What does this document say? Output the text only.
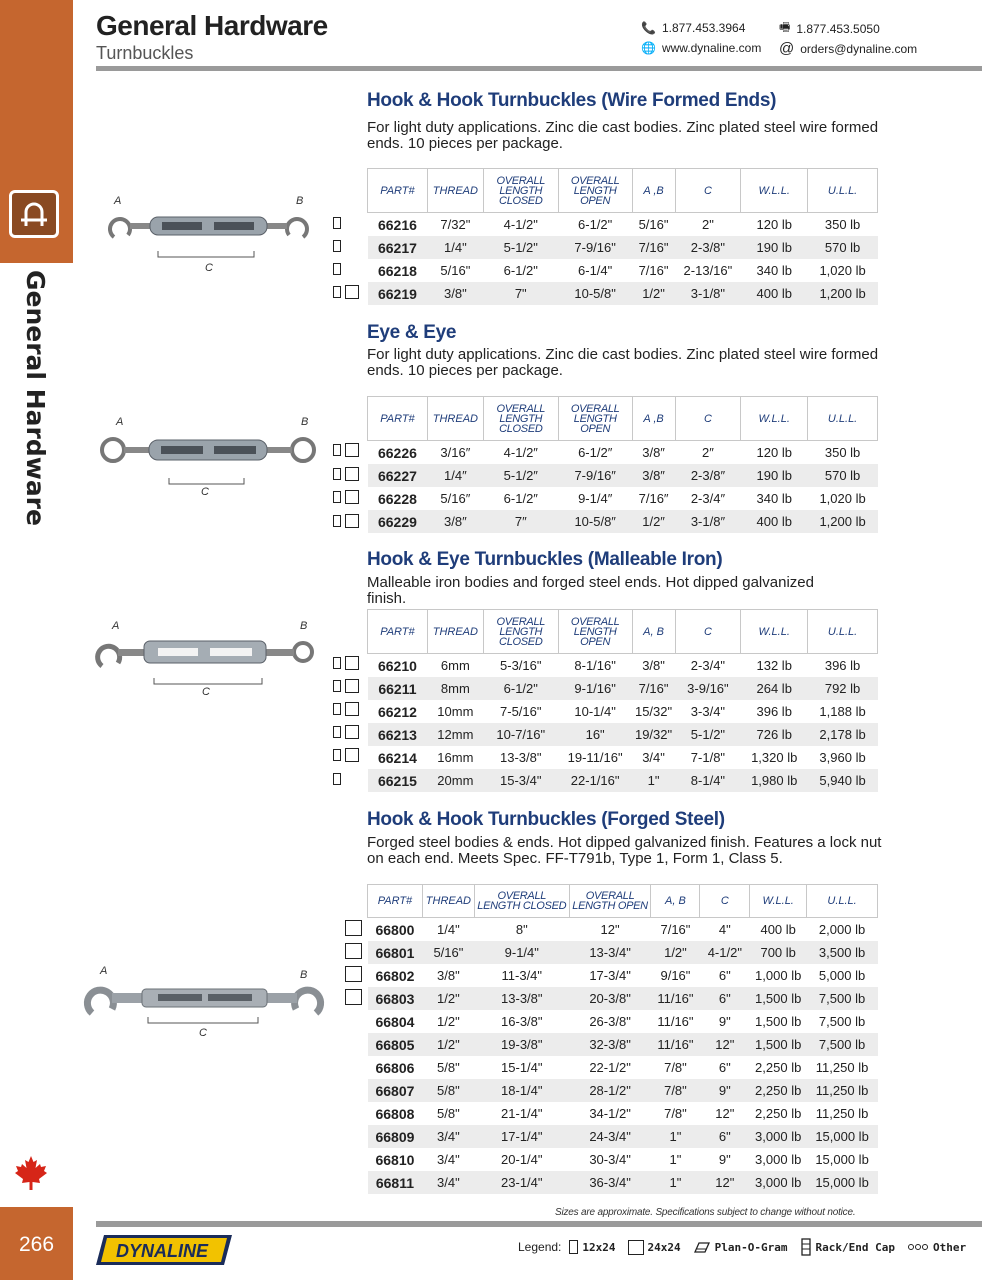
General Hardware
266
General Hardware
Turnbuckles
📞 1.877.453.3964	🖷 1.877.453.5050
🌐 www.dynaline.com @ orders@dynaline.com
Hook & Hook Turnbuckles (Wire Formed Ends)
For light duty applications. Zinc die cast bodies. Zinc plated steel wire formed ends. 10 pieces per package.
PART#	THREAD	OVERALL LENGTH CLOSED	OVERALL LENGTH OPEN	A ,B	C	W.L.L.	U.L.L.
66216	7/32"	4-1/2"	6-1/2"	5/16"	2"	120 lb	350 lb
66217	1/4"	5-1/2"	7-9/16"	7/16"	2-3/8"	190 lb	570 lb
66218	5/16"	6-1/2"	6-1/4"	7/16"	2-13/16"	340 lb	1,020 lb
66219	3/8"	7"	10-5/8"	1/2"	3-1/8"	400 lb	1,200 lb
A	B
C
Eye & Eye
For light duty applications. Zinc die cast bodies. Zinc plated steel wire formed ends. 10 pieces per package.
PART#	THREAD	OVERALL LENGTH CLOSED	OVERALL LENGTH OPEN	A ,B	C	W.L.L.	U.L.L.
66226	3/16″	4-1/2″	6-1/2″	3/8″	2″	120 lb	350 lb
66227	1/4″	5-1/2″	7-9/16″	3/8″	2-3/8″	190 lb	570 lb
66228	5/16″	6-1/2″	9-1/4″	7/16″	2-3/4″	340 lb	1,020 lb
66229	3/8″	7″	10-5/8″	1/2″	3-1/8″	400 lb	1,200 lb
A	B
C
Hook & Eye Turnbuckles (Malleable Iron)
Malleable iron bodies and forged steel ends. Hot dipped galvanized finish.
PART#	THREAD	OVERALL LENGTH CLOSED	OVERALL LENGTH OPEN	A, B	C	W.L.L.	U.L.L.
66210	6mm	5-3/16"	8-1/16"	3/8"	2-3/4"	132 lb	396 lb
66211	8mm	6-1/2"	9-1/16"	7/16"	3-9/16"	264 lb	792 lb
66212	10mm	7-5/16"	10-1/4"	15/32"	3-3/4"	396 lb	1,188 lb
66213	12mm	10-7/16"	16"	19/32"	5-1/2"	726 lb	2,178 lb
66214	16mm	13-3/8"	19-11/16"	3/4"	7-1/8"	1,320 lb	3,960 lb
66215	20mm	15-3/4"	22-1/16"	1"	8-1/4"	1,980 lb	5,940 lb
A	B
C
Hook & Hook Turnbuckles (Forged Steel)
Forged steel bodies & ends. Hot dipped galvanized finish. Features a lock nut on each end. Meets Spec. FF-T791b, Type 1, Form 1, Class 5.
PART#	THREAD	OVERALL LENGTH CLOSED	OVERALL LENGTH OPEN	A, B	C	W.L.L.	U.L.L.
66800	1/4"	8"	12"	7/16"	4"	400 lb	2,000 lb
66801	5/16"	9-1/4"	13-3/4"	1/2"	4-1/2"	700 lb	3,500 lb
66802	3/8"	11-3/4"	17-3/4"	9/16"	6"	1,000 lb	5,000 lb
66803	1/2"	13-3/8"	20-3/8"	11/16"	6"	1,500 lb	7,500 lb
66804	1/2"	16-3/8"	26-3/8"	11/16"	9"	1,500 lb	7,500 lb
66805	1/2"	19-3/8"	32-3/8"	11/16"	12"	1,500 lb	7,500 lb
66806	5/8"	15-1/4"	22-1/2"	7/8"	6"	2,250 lb	11,250 lb
66807	5/8"	18-1/4"	28-1/2"	7/8"	9"	2,250 lb	11,250 lb
66808	5/8"	21-1/4"	34-1/2"	7/8"	12"	2,250 lb	11,250 lb
66809	3/4"	17-1/4"	24-3/4"	1"	6"	3,000 lb	15,000 lb
66810	3/4"	20-1/4"	30-3/4"	1"	9"	3,000 lb	15,000 lb
66811	3/4"	23-1/4"	36-3/4"	1"	12"	3,000 lb	15,000 lb
A	B
C
Sizes are approximate. Specifications subject to change without notice.
DYNALINE	Legend: 12x24	24x24	Plan-O-Gram	Rack/End Cap	Other
